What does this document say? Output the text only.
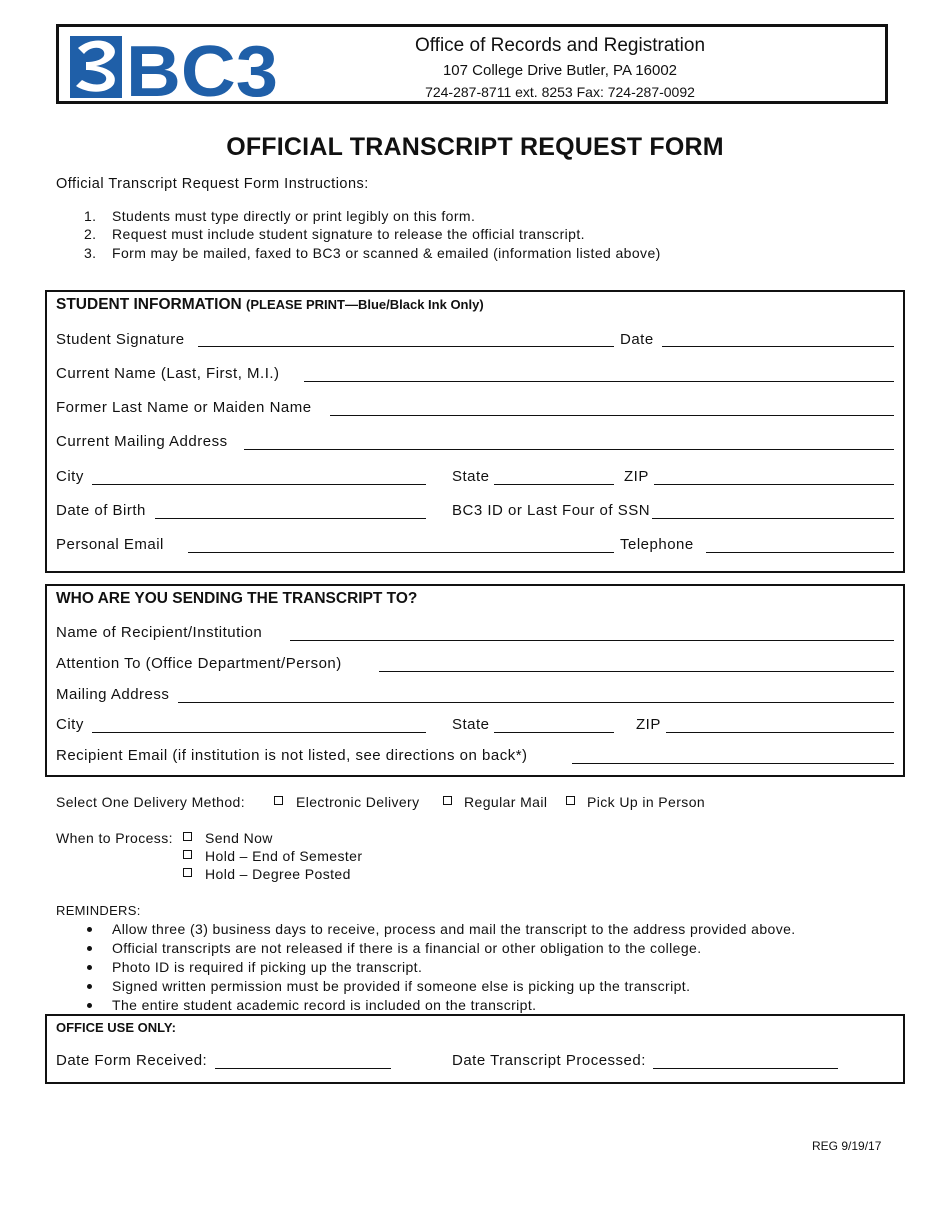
BC3	Office of Records and Registration
107 College Drive Butler, PA 16002
724-287-8711 ext. 8253 Fax: 724-287-0092
OFFICIAL TRANSCRIPT REQUEST FORM
Official Transcript Request Form Instructions:
1. Students must type directly or print legibly on this form.
2. Request must include student signature to release the official transcript.
3. Form may be mailed, faxed to BC3 or scanned & emailed (information listed above)
STUDENT INFORMATION (PLEASE PRINT—Blue/Black Ink Only)
Student Signature	Date
Current Name (Last, First, M.I.)
Former Last Name or Maiden Name
Current Mailing Address
City	State	ZIP
Date of Birth	BC3 ID or Last Four of SSN
Personal Email	Telephone
WHO ARE YOU SENDING THE TRANSCRIPT TO?
Name of Recipient/Institution
Attention To (Office Department/Person)
Mailing Address
City	State	ZIP
Recipient Email (if institution is not listed, see directions on back*)
Select One Delivery Method:	Electronic Delivery	Regular Mail	Pick Up in Person
When to Process: Send Now
Hold – End of Semester
Hold – Degree Posted
REMINDERS:
Allow three (3) business days to receive, process and mail the transcript to the address provided above.
Official transcripts are not released if there is a financial or other obligation to the college.
Photo ID is required if picking up the transcript.
Signed written permission must be provided if someone else is picking up the transcript.
The entire student academic record is included on the transcript.
OFFICE USE ONLY:
Date Form Received:	Date Transcript Processed:
REG 9/19/17
